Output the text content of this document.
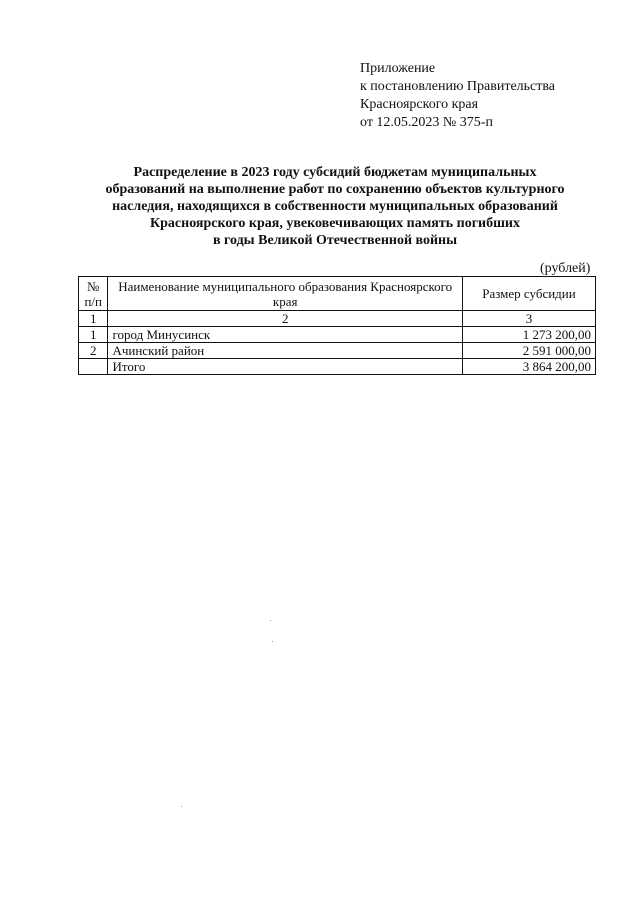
Приложение
к постановлению Правительства
Красноярского края
от 12.05.2023 № 375-п
Распределение в 2023 году субсидий бюджетам муниципальных
образований на выполнение работ по сохранению объектов культурного
наследия, находящихся в собственности муниципальных образований
Красноярского края, увековечивающих память погибших
в годы Великой Отечественной войны
(рублей)
№ п/п	Наименование муниципального образования Красноярского края	Размер субсидии
1	2	3
1	город Минусинск	1 273 200,00
2	Ачинский район	2 591 000,00
	Итого	3 864 200,00
